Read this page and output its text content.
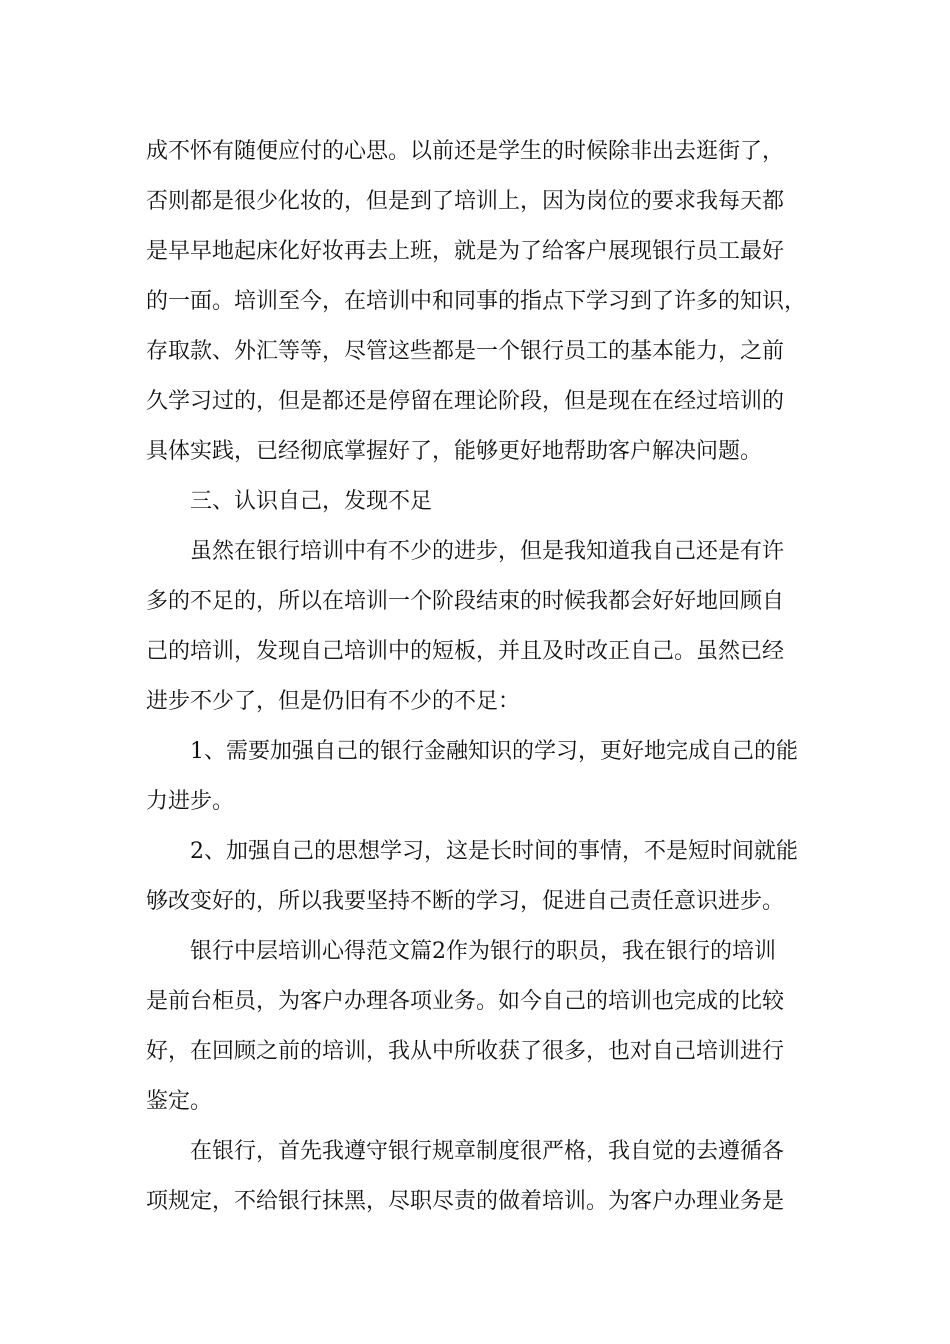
成不怀有随便应付的心思。以前还是学生的时候除非出去逛街了，
否则都是很少化妆的，但是到了培训上，因为岗位的要求我每天都
是早早地起床化好妆再去上班，就是为了给客户展现银行员工最好
的一面。培训至今，在培训中和同事的指点下学习到了许多的知识，
存取款、外汇等等，尽管这些都是一个银行员工的基本能力，之前
久学习过的，但是都还是停留在理论阶段，但是现在在经过培训的
具体实践，已经彻底掌握好了，能够更好地帮助客户解决问题。
三、认识自己，发现不足
虽然在银行培训中有不少的进步，但是我知道我自己还是有许
多的不足的，所以在培训一个阶段结束的时候我都会好好地回顾自
己的培训，发现自己培训中的短板，并且及时改正自己。虽然已经
进步不少了，但是仍旧有不少的不足：
1、需要加强自己的银行金融知识的学习，更好地完成自己的能
力进步。
2、加强自己的思想学习，这是长时间的事情，不是短时间就能
够改变好的，所以我要坚持不断的学习，促进自己责任意识进步。
银行中层培训心得范文篇2作为银行的职员，我在银行的培训
是前台柜员，为客户办理各项业务。如今自己的培训也完成的比较
好，在回顾之前的培训，我从中所收获了很多，也对自己培训进行
鉴定。
在银行，首先我遵守银行规章制度很严格，我自觉的去遵循各
项规定，不给银行抹黑，尽职尽责的做着培训。为客户办理业务是
